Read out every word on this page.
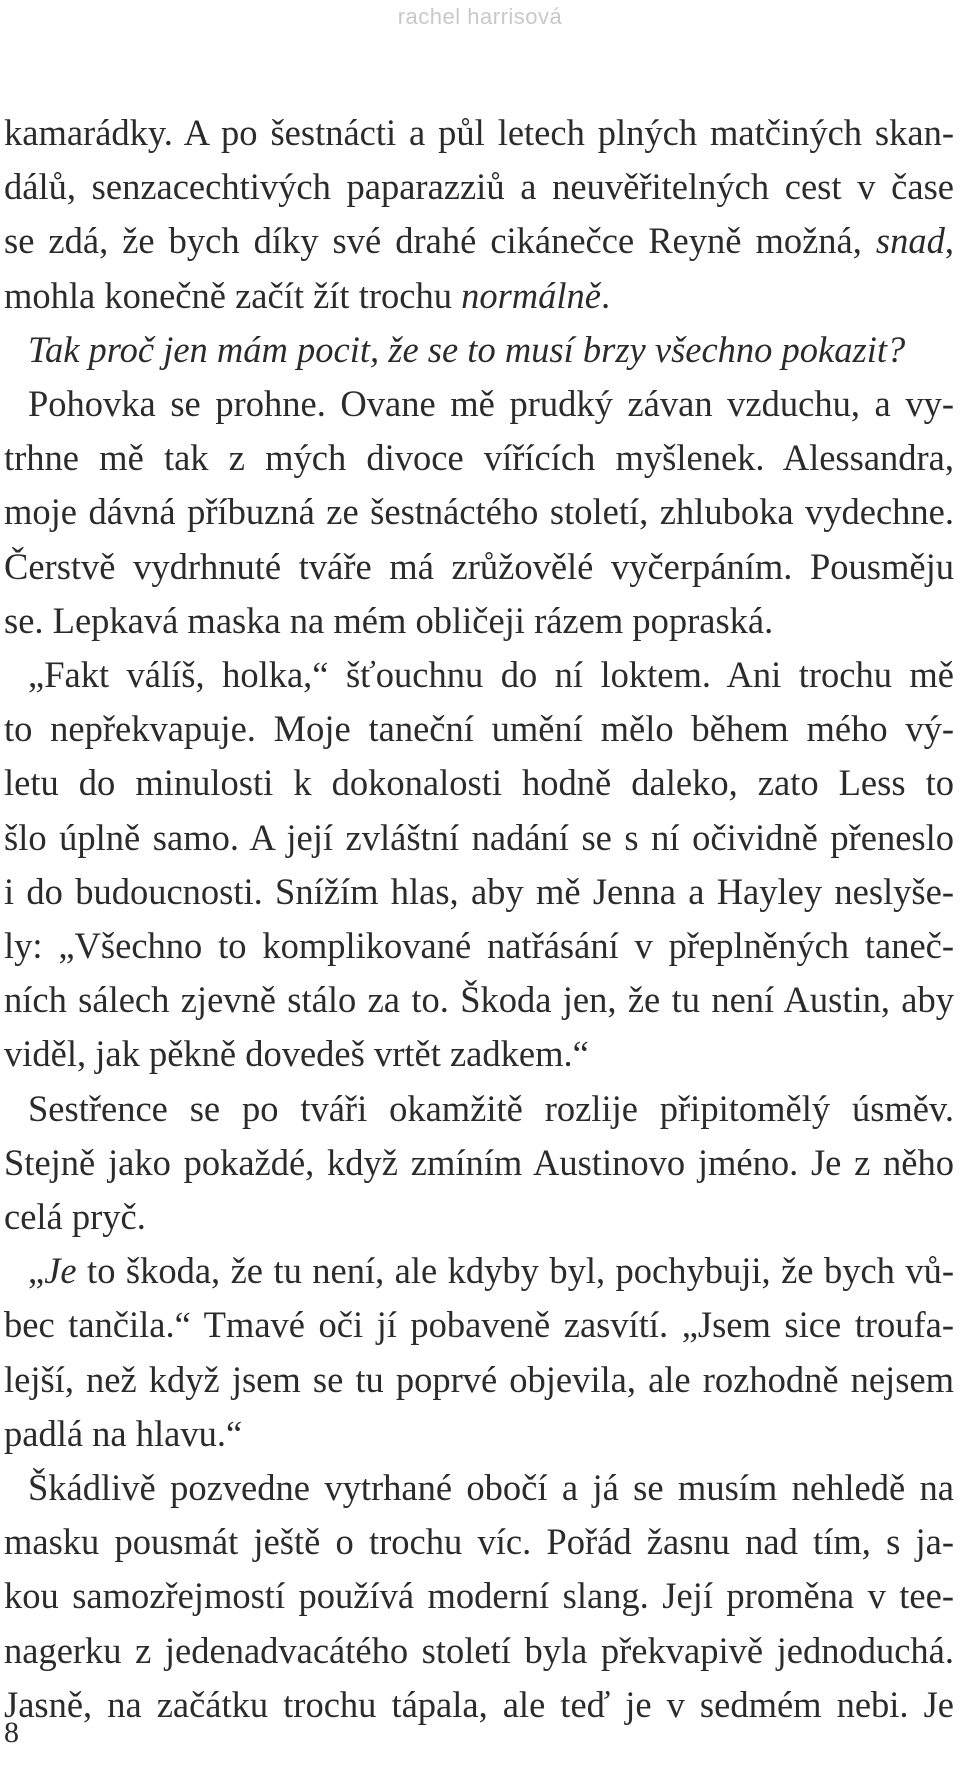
rachel harrisová
kamarádky. A po šestnácti a půl letech plných matčiných skan-
dálů, senzacechtivých paparazziů a neuvěřitelných cest v čase
se zdá, že bych díky své drahé cikánečce Reyně možná, snad,
mohla konečně začít žít trochu normálně.
Tak proč jen mám pocit, že se to musí brzy všechno pokazit?
Pohovka se prohne. Ovane mě prudký závan vzduchu, a vy-
trhne mě tak z mých divoce vířících myšlenek. Alessandra,
moje dávná příbuzná ze šestnáctého století, zhluboka vydechne.
Čerstvě vydrhnuté tváře má zrůžovělé vyčerpáním. Pousměju
se. Lepkavá maska na mém obličeji rázem popraská.
„Fakt válíš, holka,“ šťouchnu do ní loktem. Ani trochu mě
to nepřekvapuje. Moje taneční umění mělo během mého vý-
letu do minulosti k dokonalosti hodně daleko, zato Less to
šlo úplně samo. A její zvláštní nadání se s ní očividně přeneslo
i do budoucnosti. Snížím hlas, aby mě Jenna a Hayley neslyše-
ly: „Všechno to komplikované natřásání v přeplněných taneč-
ních sálech zjevně stálo za to. Škoda jen, že tu není Austin, aby
viděl, jak pěkně dovedeš vrtět zadkem.“
Sestřence se po tváři okamžitě rozlije připitomělý úsměv.
Stejně jako pokaždé, když zmíním Austinovo jméno. Je z něho
celá pryč.
„Je to škoda, že tu není, ale kdyby byl, pochybuji, že bych vů-
bec tančila.“ Tmavé oči jí pobaveně zasvítí. „Jsem sice troufa-
lejší, než když jsem se tu poprvé objevila, ale rozhodně nejsem
padlá na hlavu.“
Škádlivě pozvedne vytrhané obočí a já se musím nehledě na
masku pousmát ještě o trochu víc. Pořád žasnu nad tím, s ja-
kou samozřejmostí používá moderní slang. Její proměna v tee-
nagerku z jedenadvacátého století byla překvapivě jednoduchá.
Jasně, na začátku trochu tápala, ale teď je v sedmém nebi. Je
8
